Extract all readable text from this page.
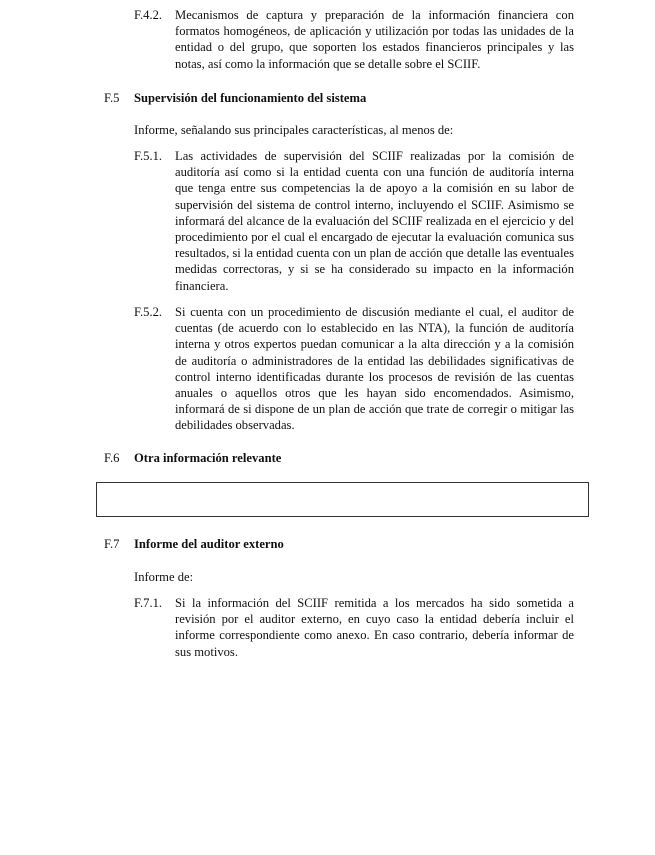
F.4.2.	Mecanismos de captura y preparación de la información financiera con formatos homogéneos, de aplicación y utilización por todas las unidades de la entidad o del grupo, que soporten los estados financieros principales y las notas, así como la información que se detalle sobre el SCIIF.
F.5 Supervisión del funcionamiento del sistema
Informe, señalando sus principales características, al menos de:
F.5.1.	Las actividades de supervisión del SCIIF realizadas por la comisión de auditoría así como si la entidad cuenta con una función de auditoría interna que tenga entre sus competencias la de apoyo a la comisión en su labor de supervisión del sistema de control interno, incluyendo el SCIIF. Asimismo se informará del alcance de la evaluación del SCIIF realizada en el ejercicio y del procedimiento por el cual el encargado de ejecutar la evaluación comunica sus resultados, si la entidad cuenta con un plan de acción que detalle las eventuales medidas correctoras, y si se ha considerado su impacto en la información financiera.
F.5.2.	Si cuenta con un procedimiento de discusión mediante el cual, el auditor de cuentas (de acuerdo con lo establecido en las NTA), la función de auditoría interna y otros expertos puedan comunicar a la alta dirección y a la comisión de auditoría o administradores de la entidad las debilidades significativas de control interno identificadas durante los procesos de revisión de las cuentas anuales o aquellos otros que les hayan sido encomendados. Asimismo, informará de si dispone de un plan de acción que trate de corregir o mitigar las debilidades observadas.
F.6 Otra información relevante
F.7 Informe del auditor externo
Informe de:
F.7.1.	Si la información del SCIIF remitida a los mercados ha sido sometida a revisión por el auditor externo, en cuyo caso la entidad debería incluir el informe correspondiente como anexo. En caso contrario, debería informar de sus motivos.
